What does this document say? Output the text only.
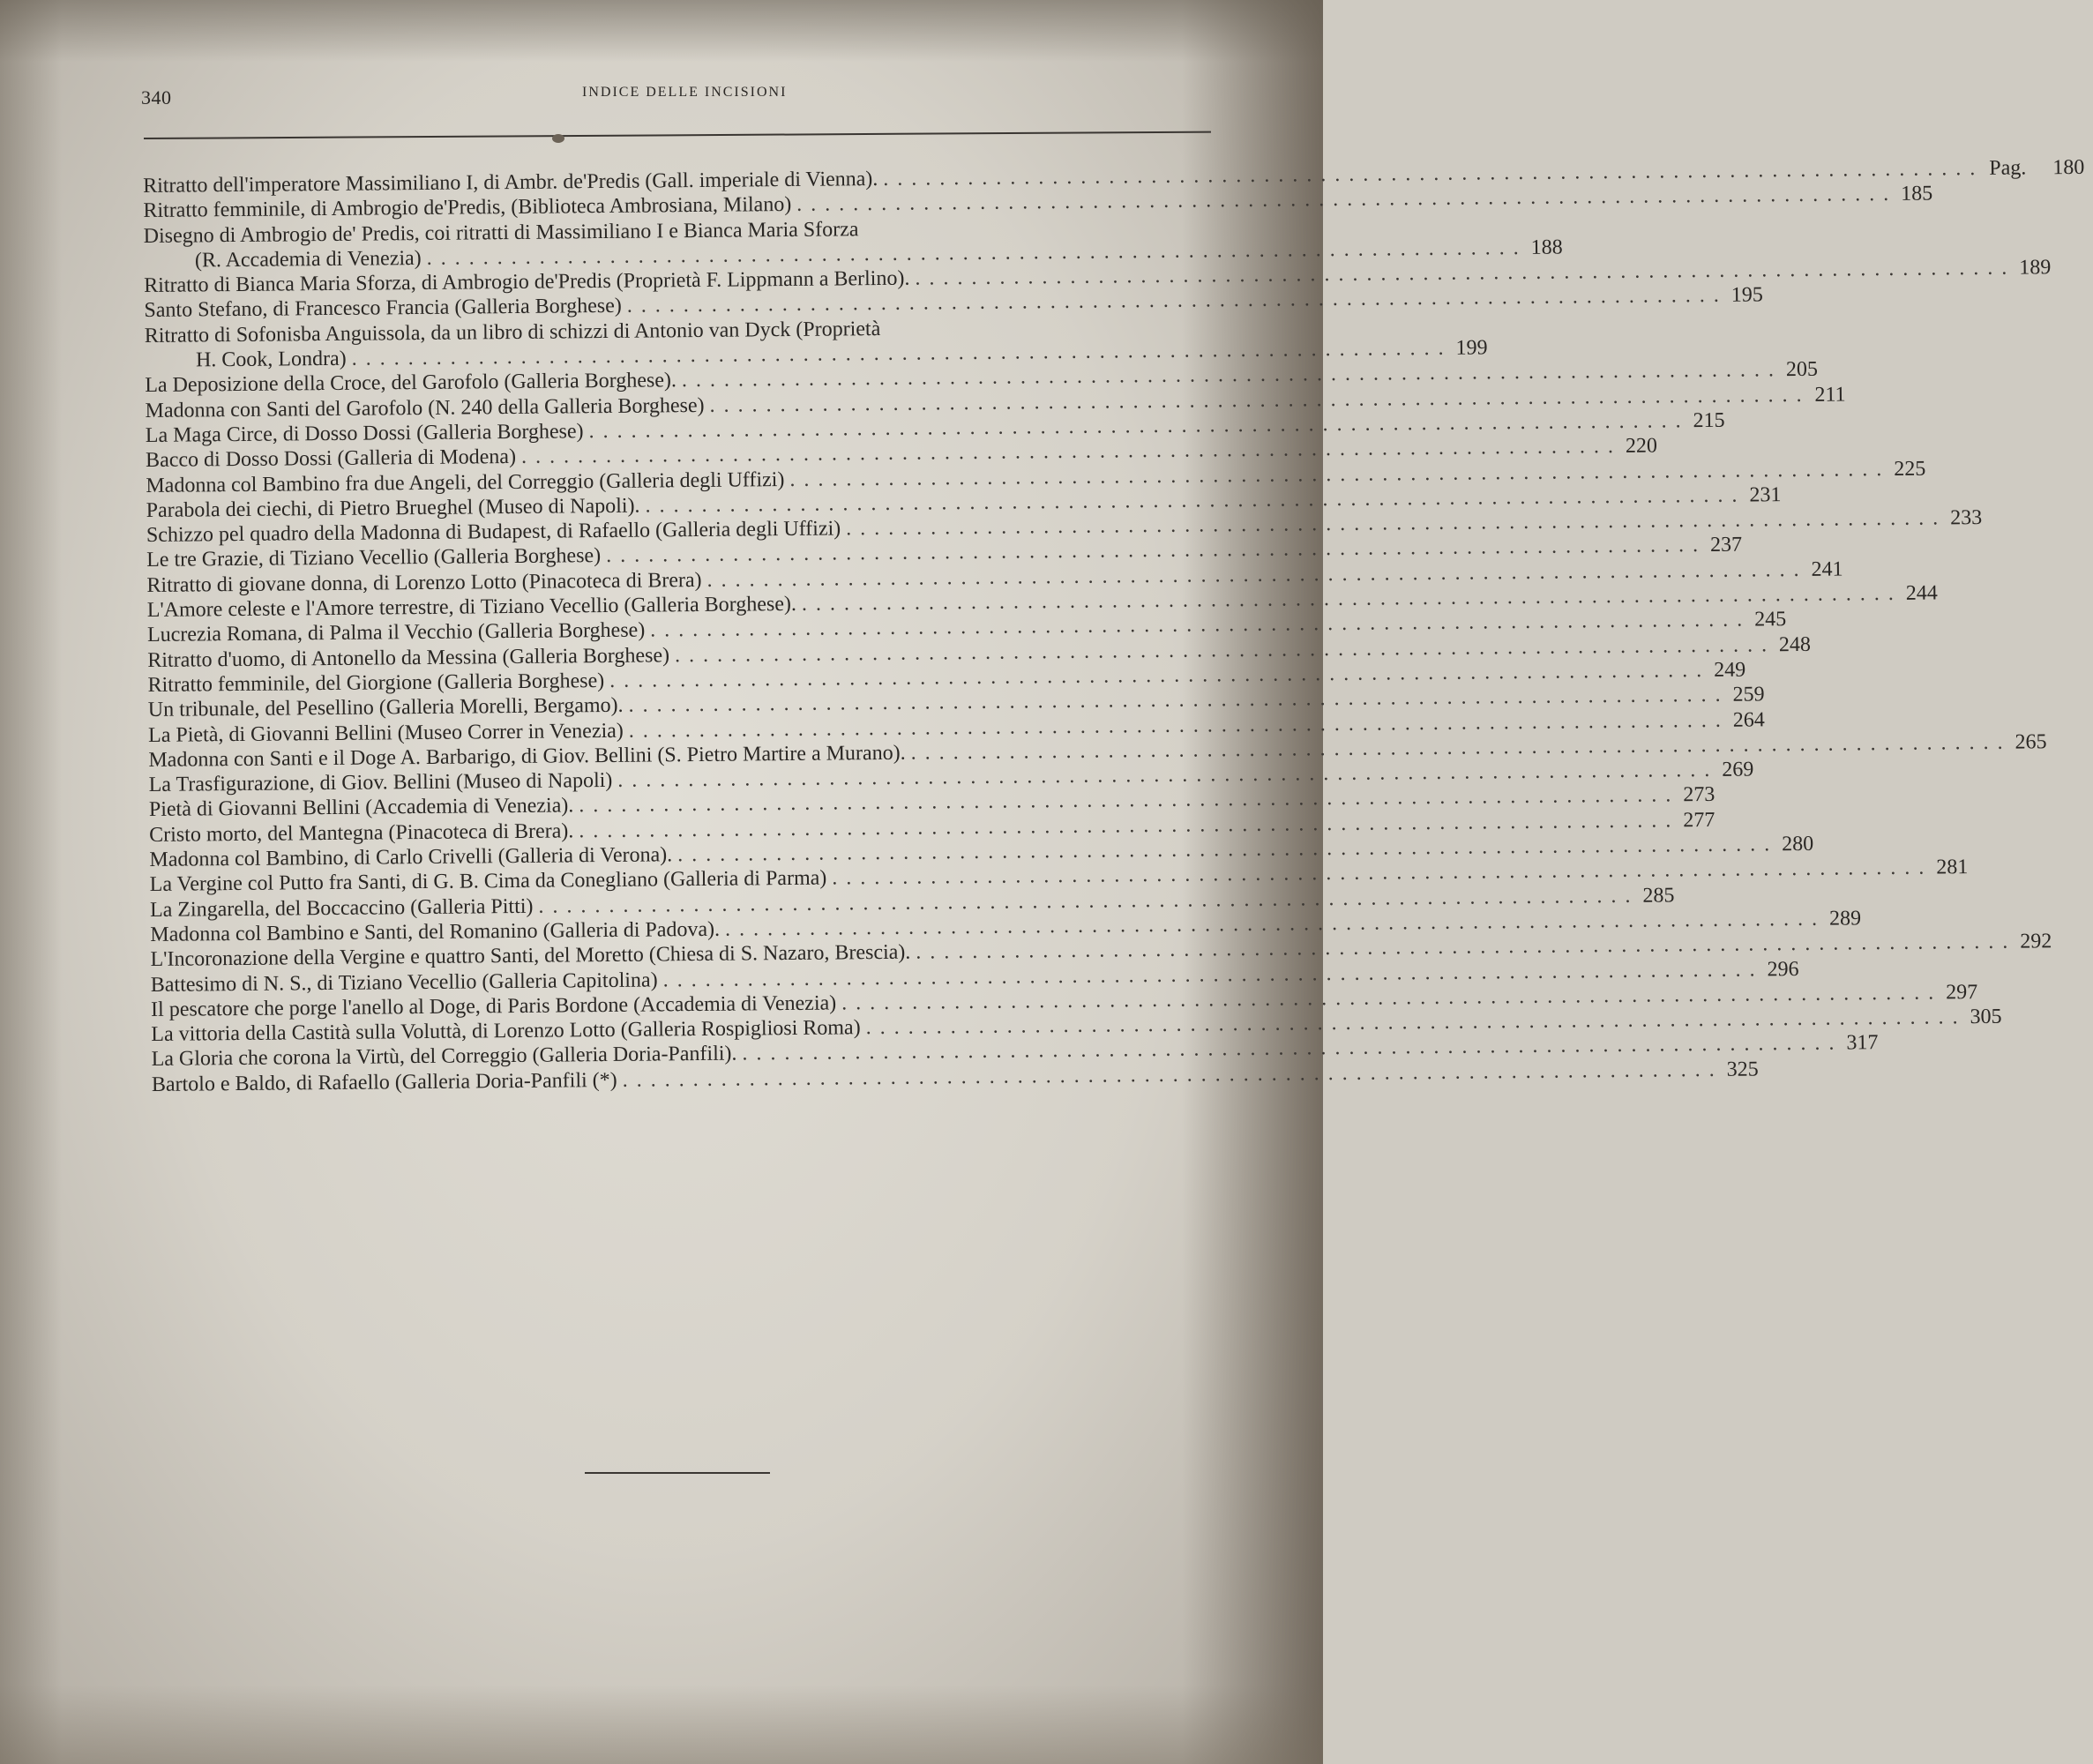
340	INDICE DELLE INCISIONI
Ritratto dell'imperatore Massimiliano I, di Ambr. de'Predis (Gall. imperiale di Vienna). . . .	Pag.	180
Ritratto femminile, di Ambrogio de'Predis, (Biblioteca Ambrosiana, Milano) . . .	185
Disegno di Ambrogio de' Predis, coi ritratti di Massimiliano I e Bianca Maria Sforza
(R. Accademia di Venezia) . . .	188
Ritratto di Bianca Maria Sforza, di Ambrogio de'Predis (Proprietà F. Lippmann a Berlino). . . .	189
Santo Stefano, di Francesco Francia (Galleria Borghese) . . .	195
Ritratto di Sofonisba Anguissola, da un libro di schizzi di Antonio van Dyck (Proprietà
H. Cook, Londra) . . .	199
La Deposizione della Croce, del Garofolo (Galleria Borghese). . . .	205
Madonna con Santi del Garofolo (N. 240 della Galleria Borghese) . . .	211
La Maga Circe, di Dosso Dossi (Galleria Borghese) . . .	215
Bacco di Dosso Dossi (Galleria di Modena) . . .	220
Madonna col Bambino fra due Angeli, del Correggio (Galleria degli Uffizi) . . .	225
Parabola dei ciechi, di Pietro Brueghel (Museo di Napoli). . . .	231
Schizzo pel quadro della Madonna di Budapest, di Rafaello (Galleria degli Uffizi) . . .	233
Le tre Grazie, di Tiziano Vecellio (Galleria Borghese) . . .	237
Ritratto di giovane donna, di Lorenzo Lotto (Pinacoteca di Brera) . . .	241
L'Amore celeste e l'Amore terrestre, di Tiziano Vecellio (Galleria Borghese). . . .	244
Lucrezia Romana, di Palma il Vecchio (Galleria Borghese) . . .	245
Ritratto d'uomo, di Antonello da Messina (Galleria Borghese) . . .	248
Ritratto femminile, del Giorgione (Galleria Borghese) . . .	249
Un tribunale, del Pesellino (Galleria Morelli, Bergamo). . . .	259
La Pietà, di Giovanni Bellini (Museo Correr in Venezia) . . .	264
Madonna con Santi e il Doge A. Barbarigo, di Giov. Bellini (S. Pietro Martire a Murano). . . .	265
La Trasfigurazione, di Giov. Bellini (Museo di Napoli) . . .	269
Pietà di Giovanni Bellini (Accademia di Venezia). . . .	273
Cristo morto, del Mantegna (Pinacoteca di Brera). . . .	277
Madonna col Bambino, di Carlo Crivelli (Galleria di Verona). . . .	280
La Vergine col Putto fra Santi, di G. B. Cima da Conegliano (Galleria di Parma) . . .	281
La Zingarella, del Boccaccino (Galleria Pitti) . . .	285
Madonna col Bambino e Santi, del Romanino (Galleria di Padova). . . .	289
L'Incoronazione della Vergine e quattro Santi, del Moretto (Chiesa di S. Nazaro, Brescia). . . .	292
Battesimo di N. S., di Tiziano Vecellio (Galleria Capitolina) . . .	296
Il pescatore che porge l'anello al Doge, di Paris Bordone (Accademia di Venezia) . . .	297
La vittoria della Castità sulla Voluttà, di Lorenzo Lotto (Galleria Rospigliosi Roma) . . .	305
La Gloria che corona la Virtù, del Correggio (Galleria Doria-Panfili). . . .	317
Bartolo e Baldo, di Rafaello (Galleria Doria-Panfili (*) . . .	325
